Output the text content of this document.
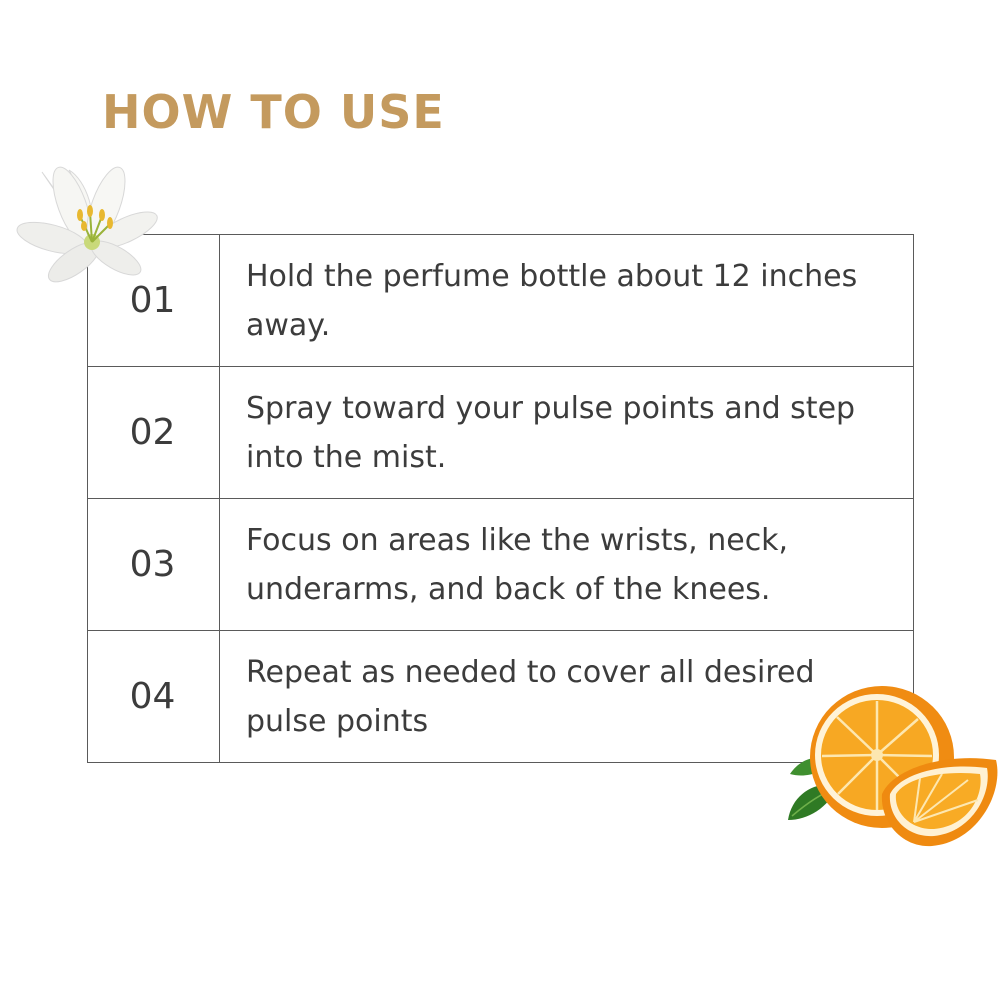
HOW TO USE
01	Hold the perfume bottle about 12 inches away.
02	Spray toward your pulse points and step into the mist.
03	Focus on areas like the wrists, neck, underarms, and back of the knees.
04	Repeat as needed to cover all desired pulse points
